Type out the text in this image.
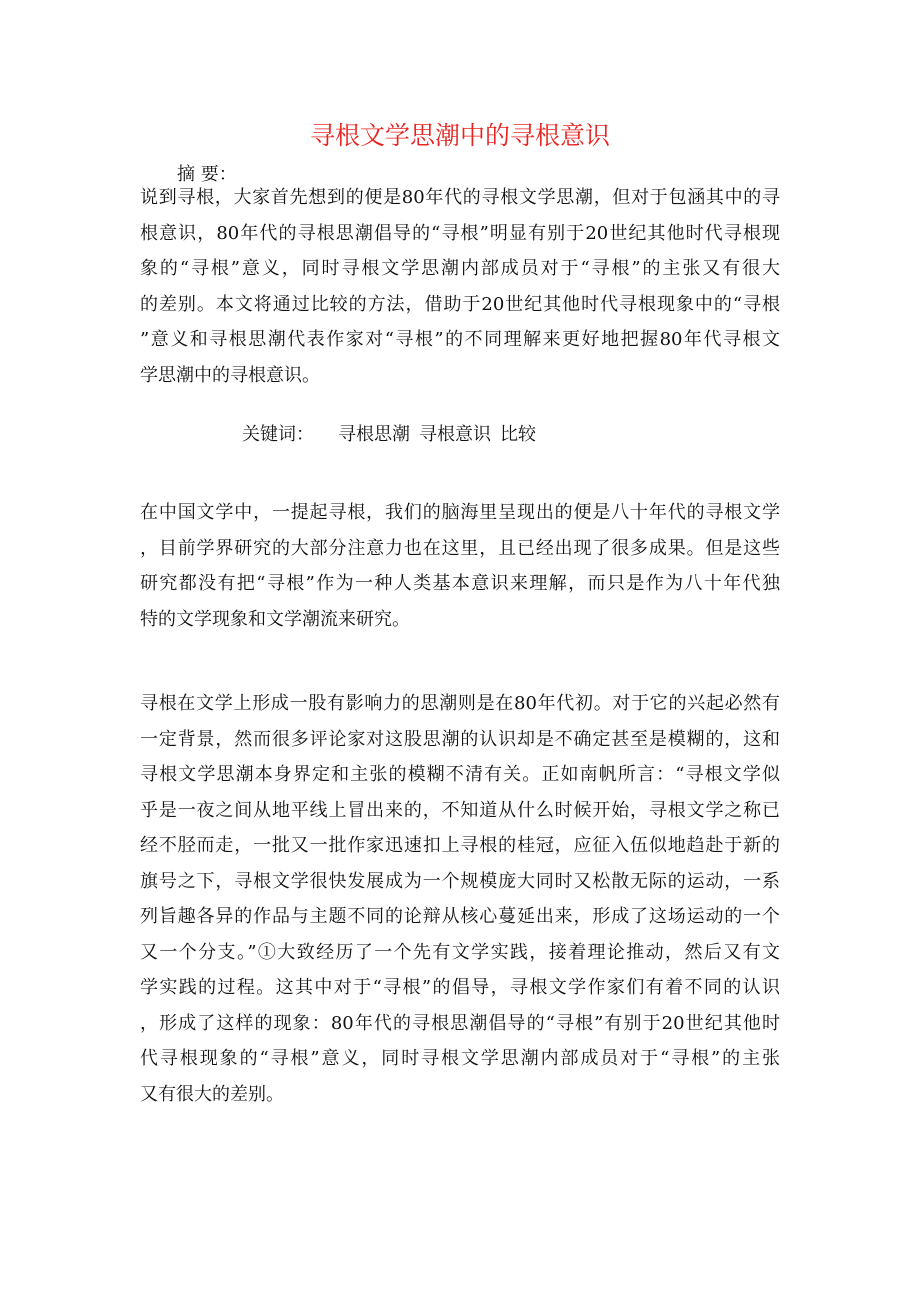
寻根文学思潮中的寻根意识
摘 要：
说到寻根，大家首先想到的便是80年代的寻根文学思潮，但对于包涵其中的寻
根意识，80年代的寻根思潮倡导的“寻根”明显有别于20世纪其他时代寻根现
象的“寻根”意义，同时寻根文学思潮内部成员对于“寻根”的主张又有很大
的差别。本文将通过比较的方法，借助于20世纪其他时代寻根现象中的“寻根
”意义和寻根思潮代表作家对“寻根”的不同理解来更好地把握80年代寻根文
学思潮中的寻根意识。
关键词： 寻根思潮 寻根意识 比较
在中国文学中，一提起寻根，我们的脑海里呈现出的便是八十年代的寻根文学
，目前学界研究的大部分注意力也在这里，且已经出现了很多成果。但是这些
研究都没有把“寻根”作为一种人类基本意识来理解，而只是作为八十年代独
特的文学现象和文学潮流来研究。
寻根在文学上形成一股有影响力的思潮则是在80年代初。对于它的兴起必然有
一定背景，然而很多评论家对这股思潮的认识却是不确定甚至是模糊的，这和
寻根文学思潮本身界定和主张的模糊不清有关。正如南帆所言：“寻根文学似
乎是一夜之间从地平线上冒出来的，不知道从什么时候开始，寻根文学之称已
经不胫而走，一批又一批作家迅速扣上寻根的桂冠，应征入伍似地趋赴于新的
旗号之下，寻根文学很快发展成为一个规模庞大同时又松散无际的运动，一系
列旨趣各异的作品与主题不同的论辩从核心蔓延出来，形成了这场运动的一个
又一个分支。”①大致经历了一个先有文学实践，接着理论推动，然后又有文
学实践的过程。这其中对于“寻根”的倡导，寻根文学作家们有着不同的认识
，形成了这样的现象：80年代的寻根思潮倡导的“寻根”有别于20世纪其他时
代寻根现象的“寻根”意义，同时寻根文学思潮内部成员对于“寻根”的主张
又有很大的差别。
